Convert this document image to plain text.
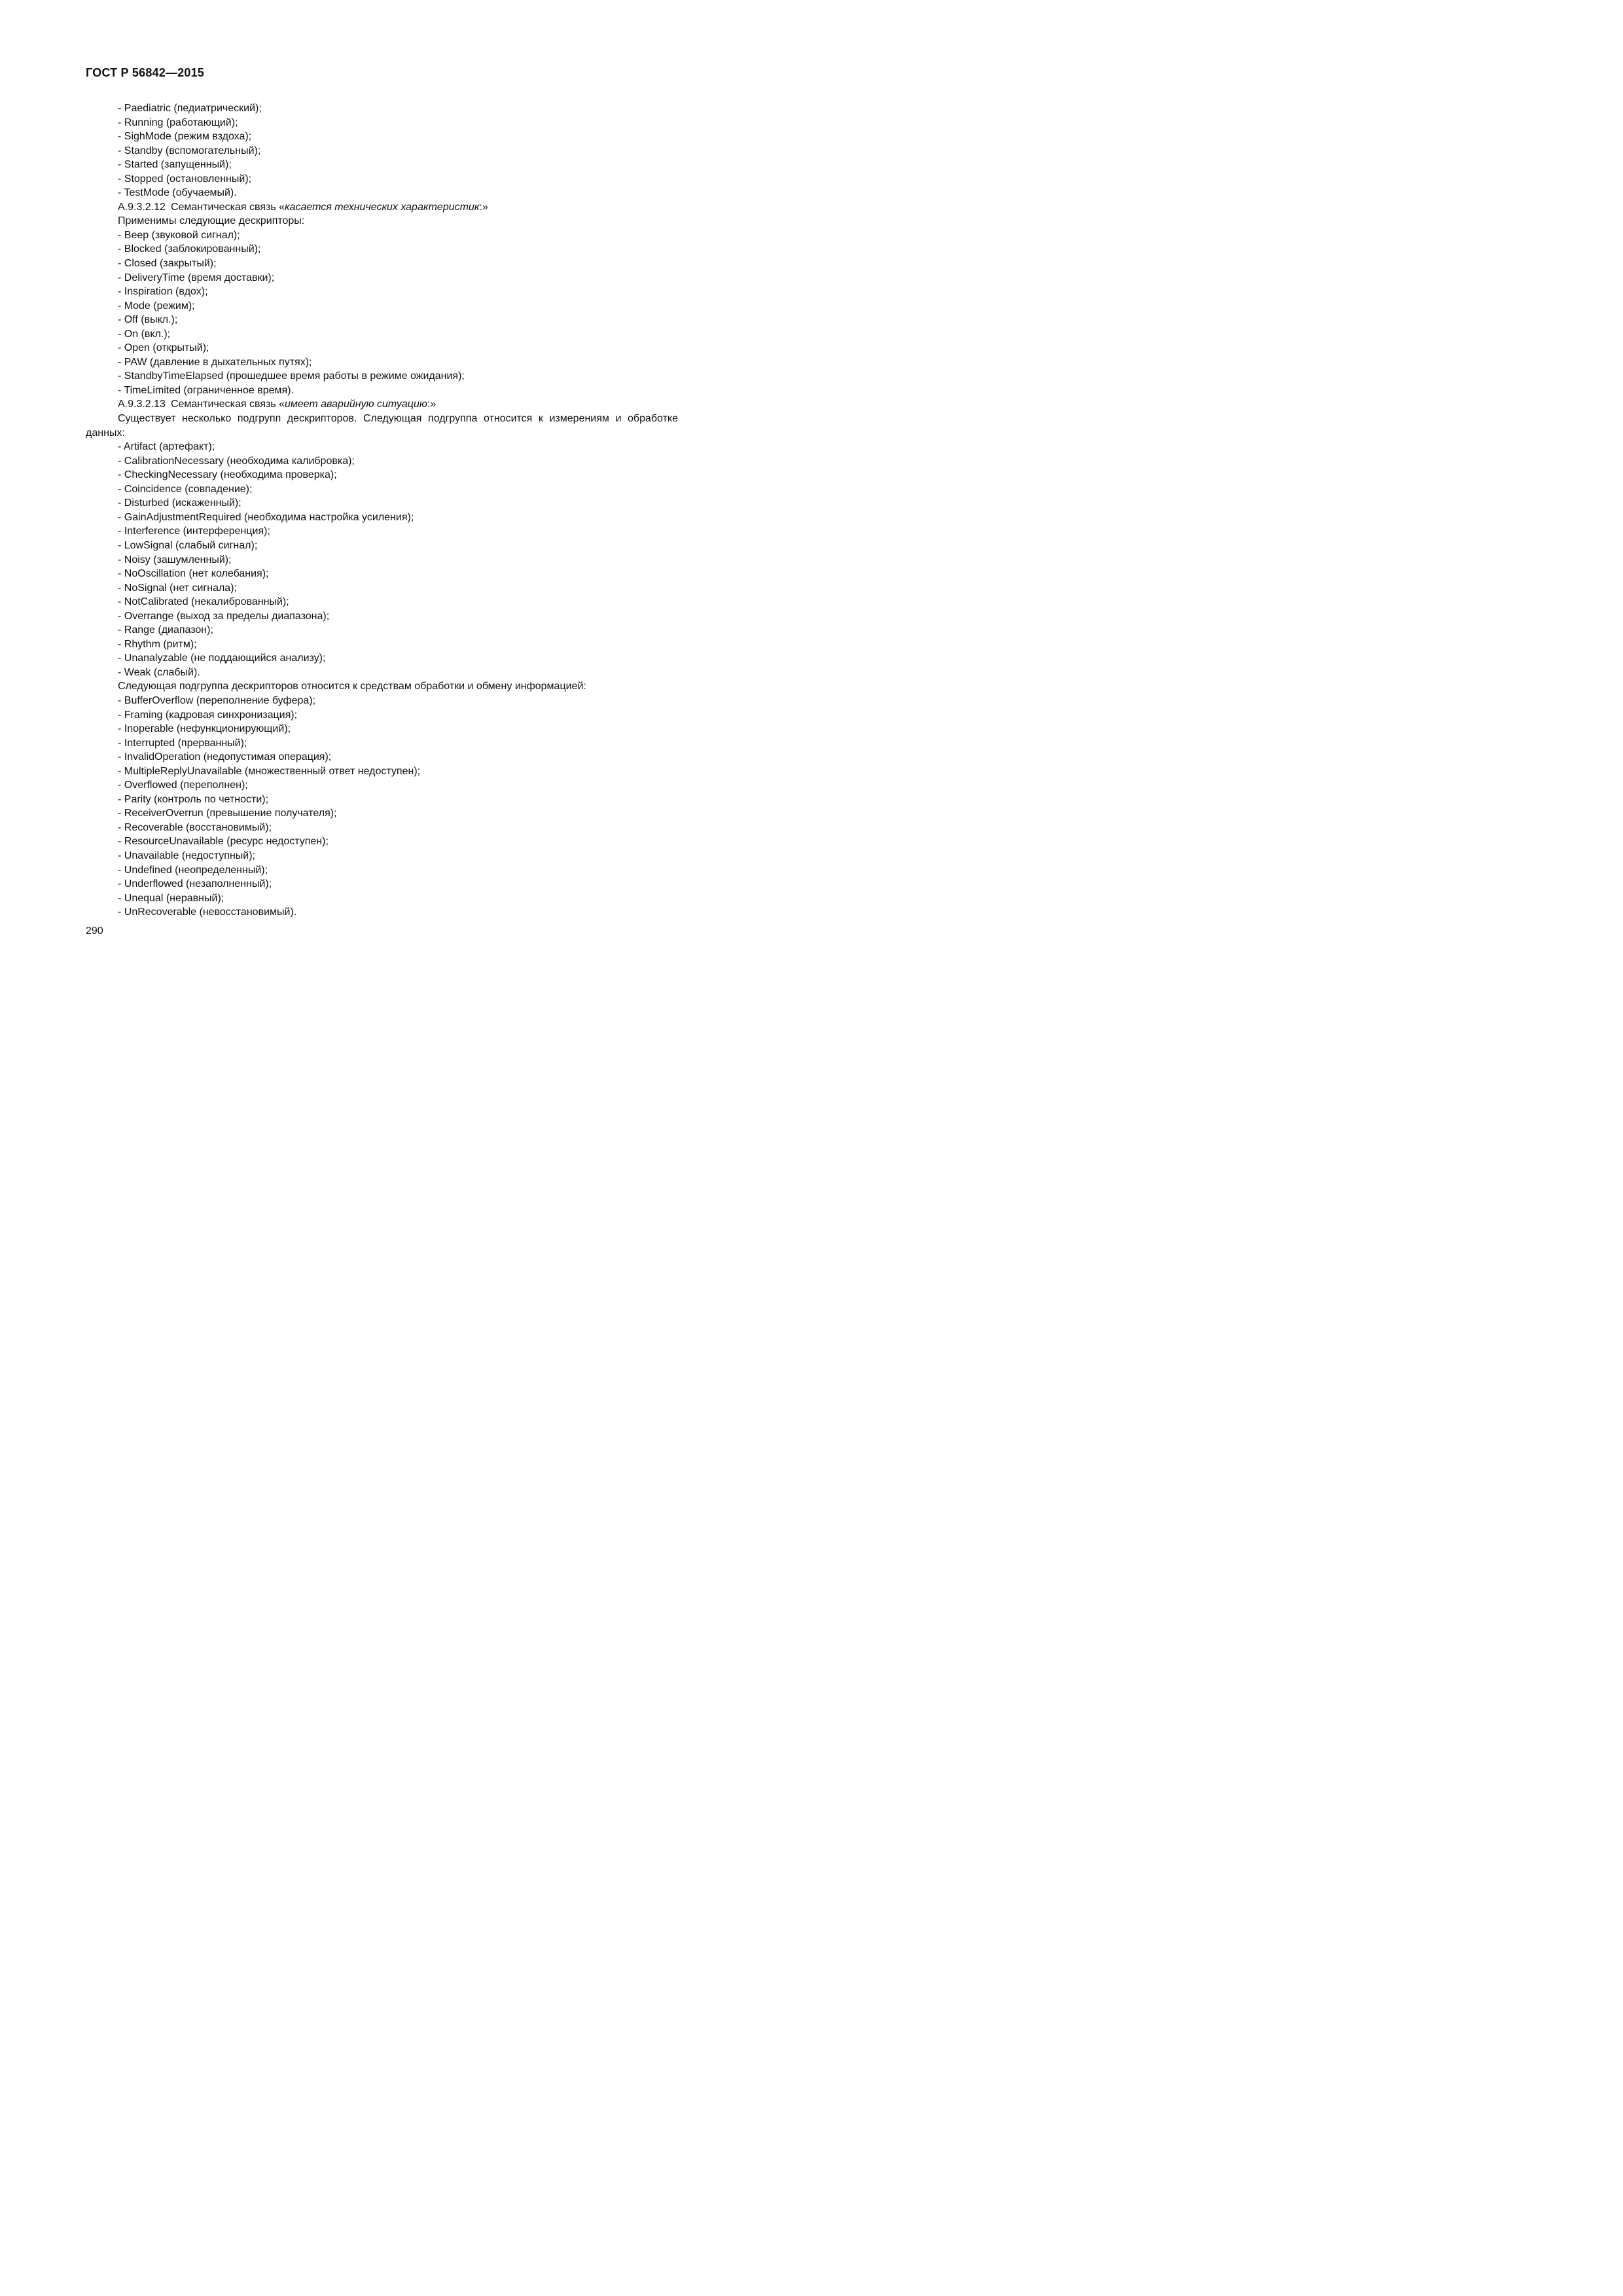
ГОСТ Р 56842—2015

- Paediatric (педиатрический);

- Running (работающий);

- SighMode (режим вздоха);

- Standby (вспомогательный);

- Started (запущенный);

- Stopped (остановленный);

- TestMode (обучаемый).

A.9.3.2.12 Семантическая связь «касается технических характеристик:»

Применимы следующие дескрипторы:

- Beep (звуковой сигнал);

- Blocked (заблокированный);

- Closed (закрытый);

- DeliveryTime (время доставки);

- Inspiration (вдох);

- Mode (режим);

- Off (выкл.);

- On (вкл.);

- Open (открытый);

- PAW (давление в дыхательных путях);

- StandbyTimeElapsed (прошедшее время работы в режиме ожидания);

- TimeLimited (ограниченное время).

A.9.3.2.13 Семантическая связь «имеет аварийную ситуацию:»

Существует несколько подгрупп дескрипторов. Следующая подгруппа относится к измерениям и обработке данных:

- Artifact (артефакт);

- CalibrationNecessary (необходима калибровка);

- CheckingNecessary (необходима проверка);

- Coincidence (совпадение);

- Disturbed (искаженный);

- GainAdjustmentRequired (необходима настройка усиления);

- Interference (интерференция);

- LowSignal (слабый сигнал);

- Noisy (зашумленный);

- NoOscillation (нет колебания);

- NoSignal (нет сигнала);

- NotCalibrated (некалиброванный);

- Overrange (выход за пределы диапазона);

- Range (диапазон);

- Rhythm (ритм);

- Unanalyzable (не поддающийся анализу);

- Weak (слабый).

Следующая подгруппа дескрипторов относится к средствам обработки и обмену информацией:

- BufferOverflow (переполнение буфера);

- Framing (кадровая синхронизация);

- Inoperable (нефункционирующий);

- Interrupted (прерванный);

- InvalidOperation (недопустимая операция);

- MultipleReplyUnavailable (множественный ответ недоступен);

- Overflowed (переполнен);

- Parity (контроль по четности);

- ReceiverOverrun (превышение получателя);

- Recoverable (восстановимый);

- ResourceUnavailable (ресурс недоступен);

- Unavailable (недоступный);

- Undefined (неопределенный);

- Underflowed (незаполненный);

- Unequal (неравный);

- UnRecoverable (невосстановимый).

290
